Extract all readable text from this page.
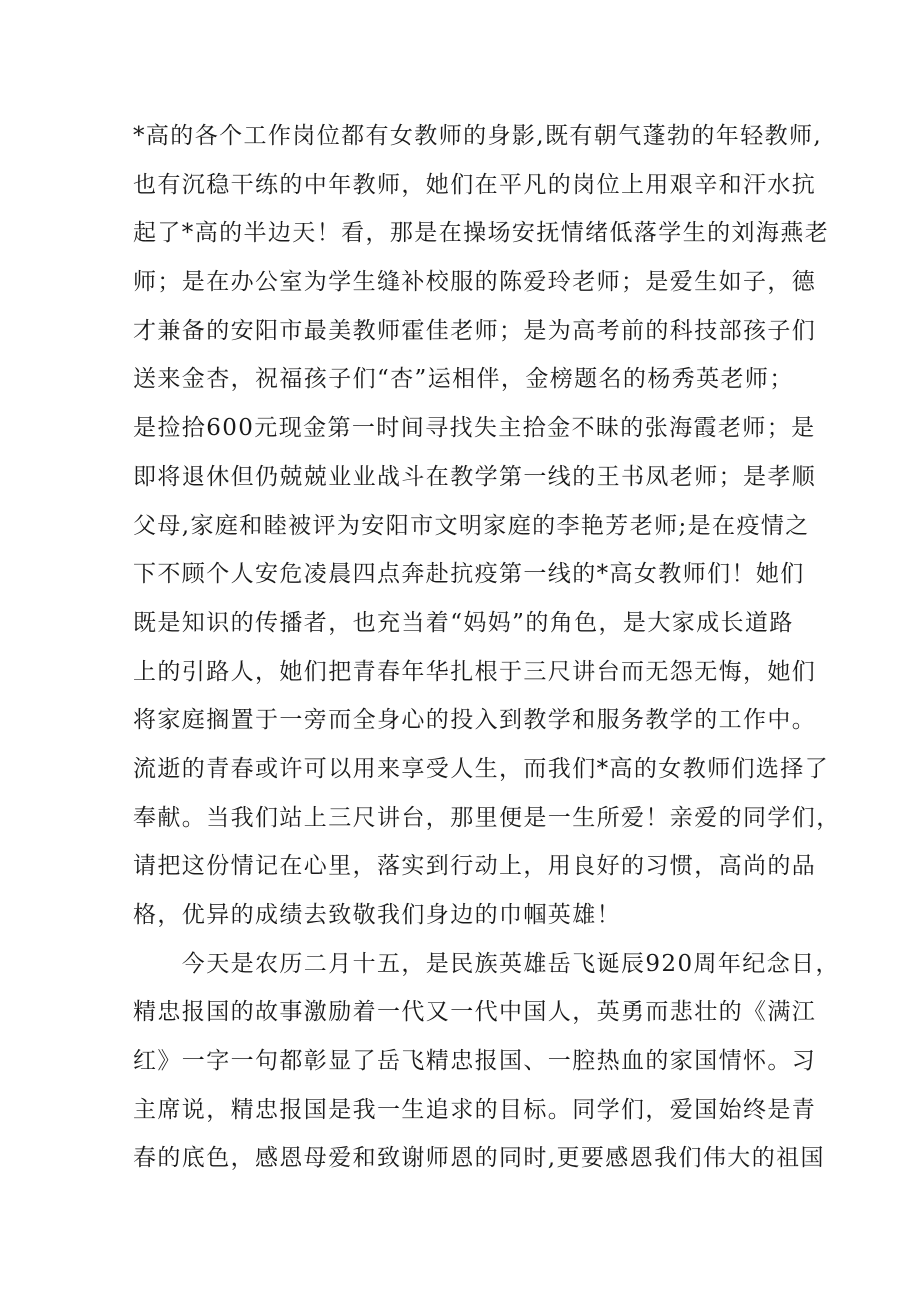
*高的各个工作岗位都有女教师的身影,既有朝气蓬勃的年轻教师,
也有沉稳干练的中年教师，她们在平凡的岗位上用艰辛和汗水抗
起了*高的半边天！看，那是在操场安抚情绪低落学生的刘海燕老
师；是在办公室为学生缝补校服的陈爱玲老师；是爱生如子，德
才兼备的安阳市最美教师霍佳老师；是为高考前的科技部孩子们
送来金杏，祝福孩子们“杏”运相伴，金榜题名的杨秀英老师；
是捡拾600元现金第一时间寻找失主拾金不昧的张海霞老师；是
即将退休但仍兢兢业业战斗在教学第一线的王书凤老师；是孝顺
父母,家庭和睦被评为安阳市文明家庭的李艳芳老师;是在疫情之
下不顾个人安危凌晨四点奔赴抗疫第一线的*高女教师们！她们
既是知识的传播者，也充当着“妈妈”的角色，是大家成长道路
上的引路人，她们把青春年华扎根于三尺讲台而无怨无悔，她们
将家庭搁置于一旁而全身心的投入到教学和服务教学的工作中。
流逝的青春或许可以用来享受人生，而我们*高的女教师们选择了
奉献。当我们站上三尺讲台，那里便是一生所爱！亲爱的同学们，
请把这份情记在心里，落实到行动上，用良好的习惯，高尚的品
格，优异的成绩去致敬我们身边的巾帼英雄！
　　今天是农历二月十五，是民族英雄岳飞诞辰920周年纪念日，
精忠报国的故事激励着一代又一代中国人，英勇而悲壮的《满江
红》一字一句都彰显了岳飞精忠报国、一腔热血的家国情怀。习
主席说，精忠报国是我一生追求的目标。同学们，爱国始终是青
春的底色，感恩母爱和致谢师恩的同时,更要感恩我们伟大的祖国
